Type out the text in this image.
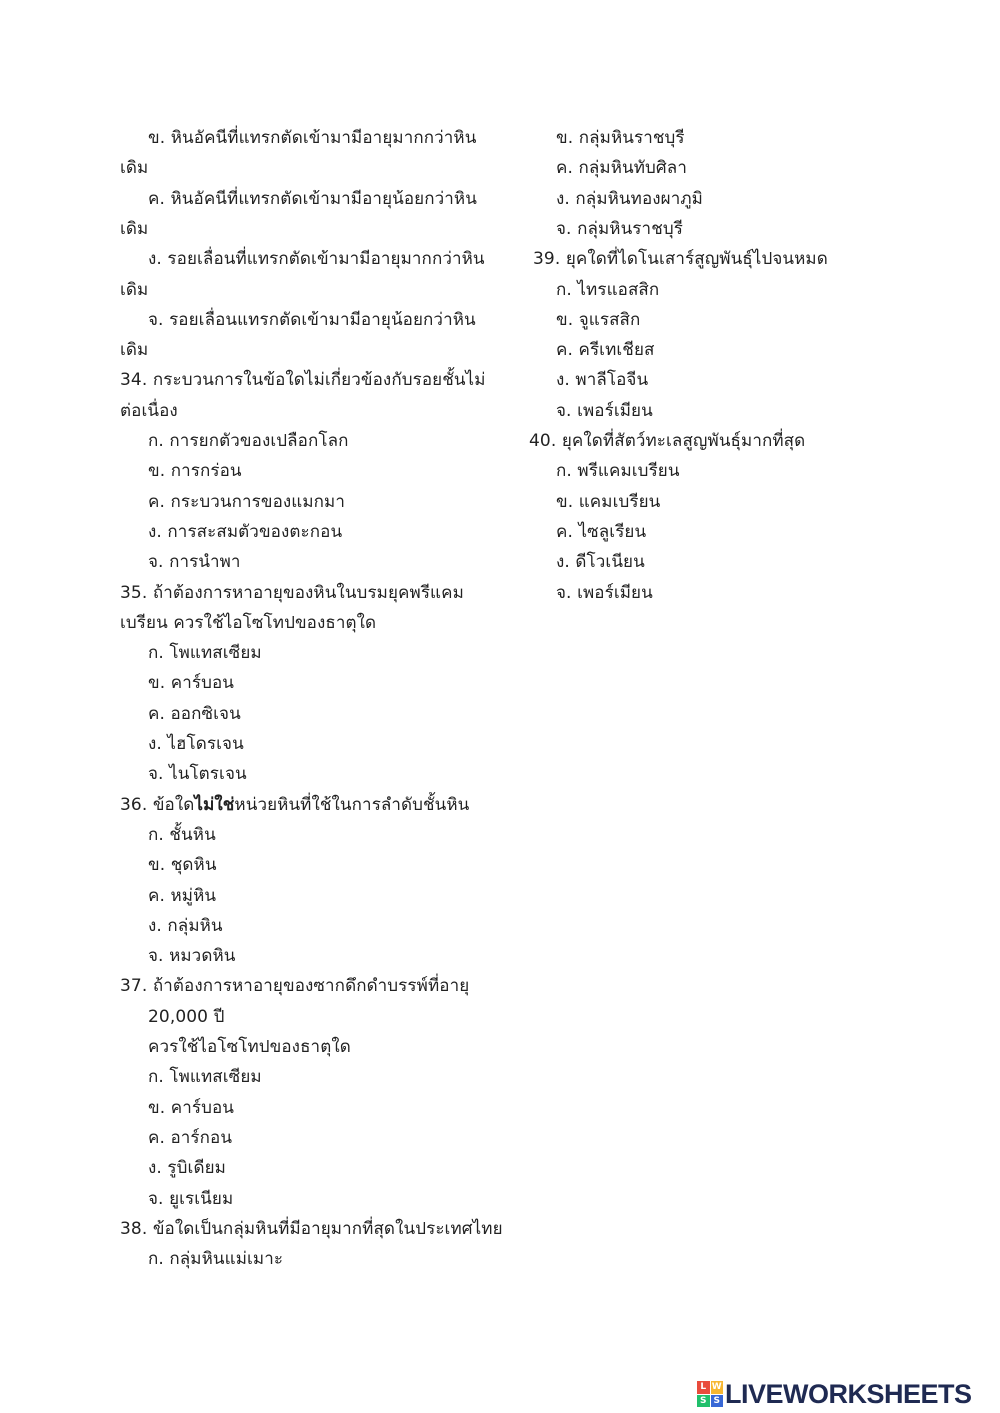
ข. หินอัคนีที่แทรกตัดเข้ามามีอายุมากกว่าหิน
เดิม
ค. หินอัคนีที่แทรกตัดเข้ามามีอายุน้อยกว่าหิน
เดิม
ง. รอยเลื่อนที่แทรกตัดเข้ามามีอายุมากกว่าหิน
เดิม
จ. รอยเลื่อนแทรกตัดเข้ามามีอายุน้อยกว่าหิน
เดิม
34. กระบวนการในข้อใดไม่เกี่ยวข้องกับรอยชั้นไม่
ต่อเนื่อง
ก. การยกตัวของเปลือกโลก
ข. การกร่อน
ค. กระบวนการของแมกมา
ง. การสะสมตัวของตะกอน
จ. การนำพา
35. ถ้าต้องการหาอายุของหินในบรมยุคพรีแคม
เบรียน ควรใช้ไอโซโทปของธาตุใด
ก. โพแทสเซียม
ข. คาร์บอน
ค. ออกซิเจน
ง. ไฮโดรเจน
จ. ไนโตรเจน
36. ข้อใดไม่ใช่หน่วยหินที่ใช้ในการลำดับชั้นหิน
ก. ชั้นหิน
ข. ชุดหิน
ค. หมู่หิน
ง. กลุ่มหิน
จ. หมวดหิน
37. ถ้าต้องการหาอายุของซากดึกดำบรรพ์ที่อายุ
20,000 ปี
ควรใช้ไอโซโทปของธาตุใด
ก. โพแทสเซียม
ข. คาร์บอน
ค. อาร์กอน
ง. รูบิเดียม
จ. ยูเรเนียม
38. ข้อใดเป็นกลุ่มหินที่มีอายุมากที่สุดในประเทศไทย
ก. กลุ่มหินแม่เมาะ
ข. กลุ่มหินราชบุรี
ค. กลุ่มหินทับศิลา
ง. กลุ่มหินทองผาภูมิ
จ. กลุ่มหินราชบุรี
39. ยุคใดที่ไดโนเสาร์สูญพันธุ์ไปจนหมด
ก. ไทรแอสสิก
ข. จูแรสสิก
ค. ครีเทเชียส
ง. พาลีโอจีน
จ. เพอร์เมียน
40. ยุคใดที่สัตว์ทะเลสูญพันธุ์มากที่สุด
ก. พรีแคมเบรียน
ข. แคมเบรียน
ค. ไซลูเรียน
ง. ดีโวเนียน
จ. เพอร์เมียน
L W
S S LIVEWORKSHEETS
